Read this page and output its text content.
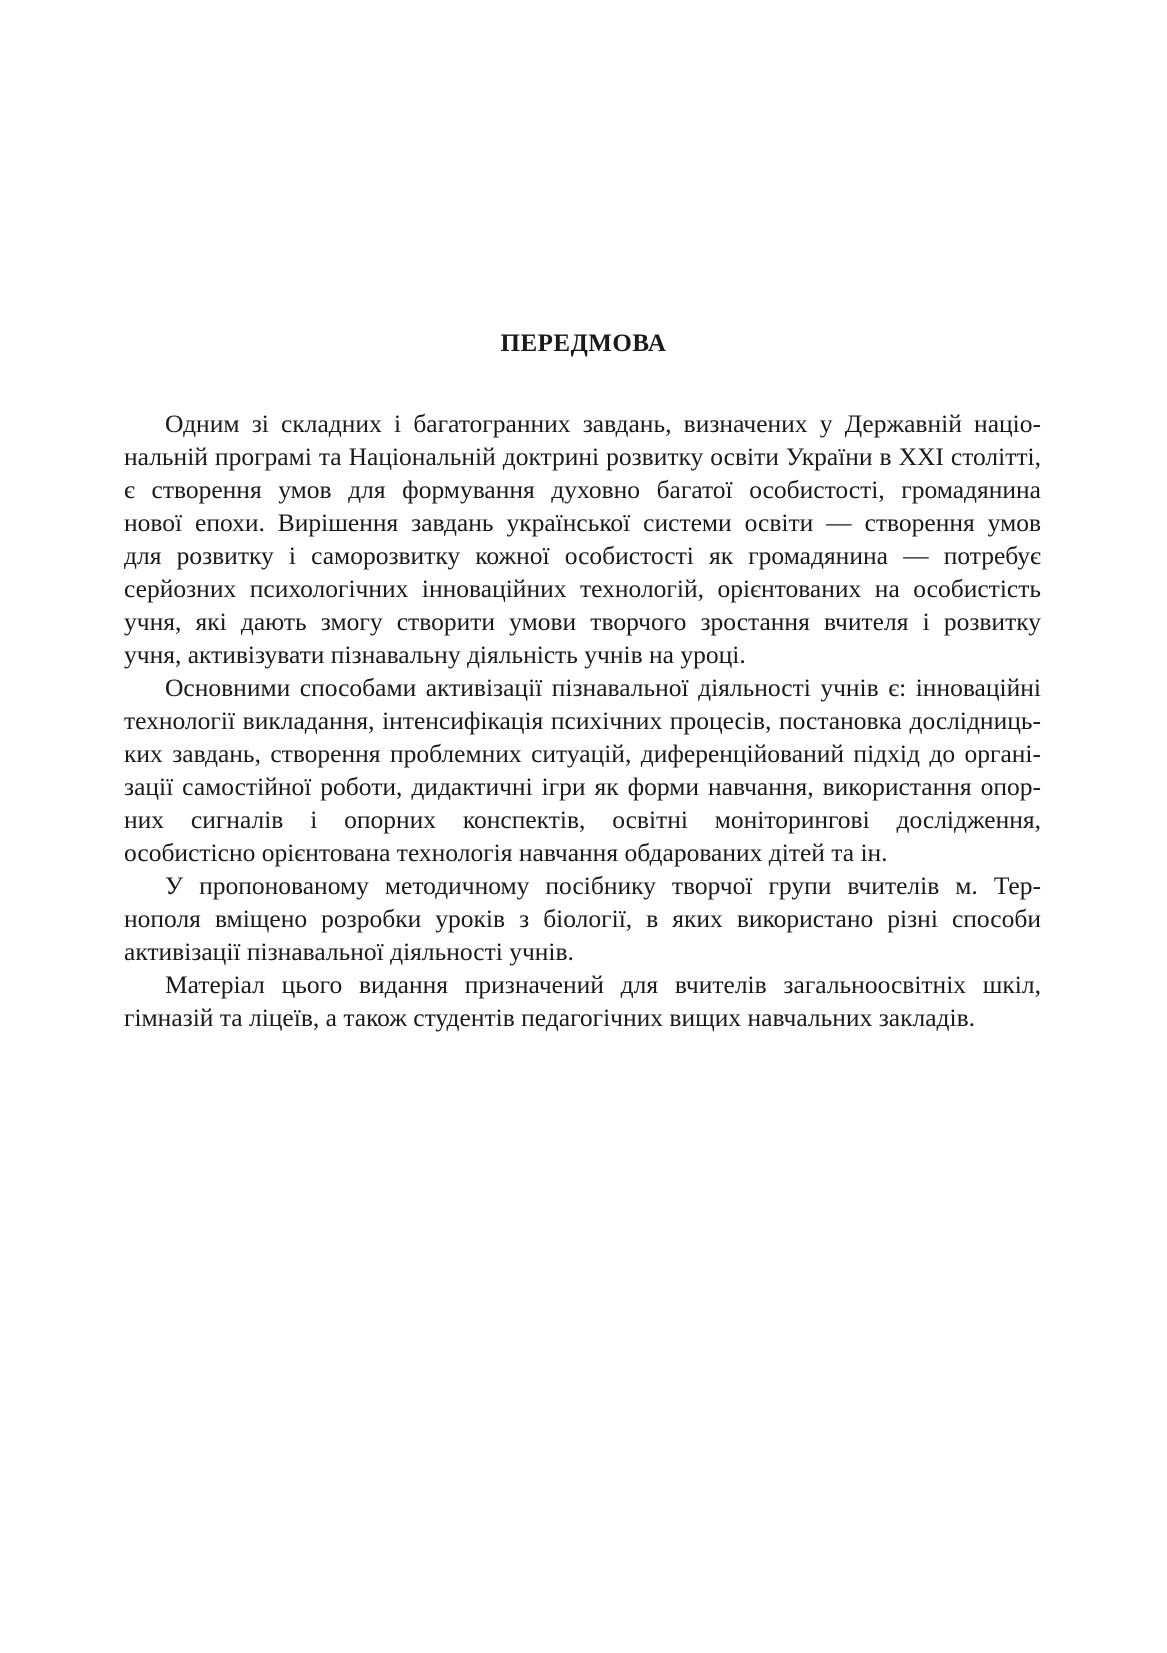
ПЕРЕДМОВА
Одним зі складних і багатогранних завдань, визначених у Державній націо-
нальній програмі та Національній доктрині розвитку освіти України в ХХІ столітті,
є створення умов для формування духовно багатої особистості, громадянина
нової епохи. Вирішення завдань української системи освіти — створення умов
для розвитку і саморозвитку кожної особистості як громадянина — потребує
серйозних психологічних інноваційних технологій, орієнтованих на особистість
учня, які дають змогу створити умови творчого зростання вчителя і розвитку
учня, активізувати пізнавальну діяльність учнів на уроці.
Основними способами активізації пізнавальної діяльності учнів є: інноваційні
технології викладання, інтенсифікація психічних процесів, постановка дослідниць-
ких завдань, створення проблемних ситуацій, диференційований підхід до органі-
зації самостійної роботи, дидактичні ігри як форми навчання, використання опор-
них сигналів і опорних конспектів, освітні моніторингові дослідження,
особистісно орієнтована технологія навчання обдарованих дітей та ін.
У пропонованому методичному посібнику творчої групи вчителів м. Тер-
нополя вміщено розробки уроків з біології, в яких використано різні способи
активізації пізнавальної діяльності учнів.
Матеріал цього видання призначений для вчителів загальноосвітніх шкіл,
гімназій та ліцеїв, а також студентів педагогічних вищих навчальних закладів.
